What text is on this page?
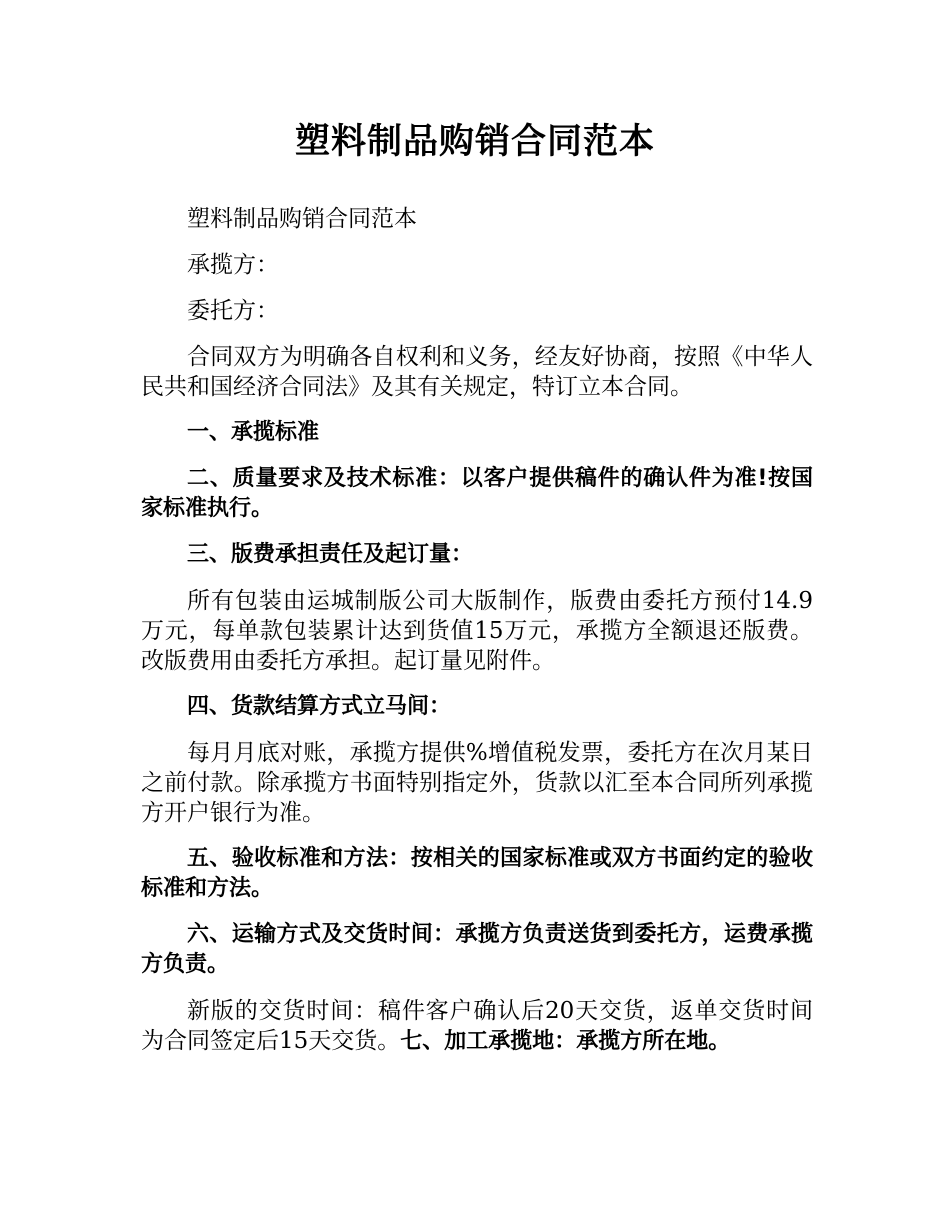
塑料制品购销合同范本

塑料制品购销合同范本

承揽方：

委托方：

合同双方为明确各自权利和义务，经友好协商，按照《中华人民共和国经济合同法》及其有关规定，特订立本合同。

一、承揽标准

二、质量要求及技术标准：以客户提供稿件的确认件为准!按国家标准执行。

三、版费承担责任及起订量：

所有包装由运城制版公司大版制作，版费由委托方预付14.9万元，每单款包装累计达到货值15万元，承揽方全额退还版费。改版费用由委托方承担。起订量见附件。

四、货款结算方式立马间：

每月月底对账，承揽方提供%增值税发票，委托方在次月某日之前付款。除承揽方书面特别指定外，货款以汇至本合同所列承揽方开户银行为准。

五、验收标准和方法：按相关的国家标准或双方书面约定的验收标准和方法。

六、运输方式及交货时间：承揽方负责送货到委托方，运费承揽方负责。

新版的交货时间：稿件客户确认后20天交货，返单交货时间为合同签定后15天交货。七、加工承揽地：承揽方所在地。
